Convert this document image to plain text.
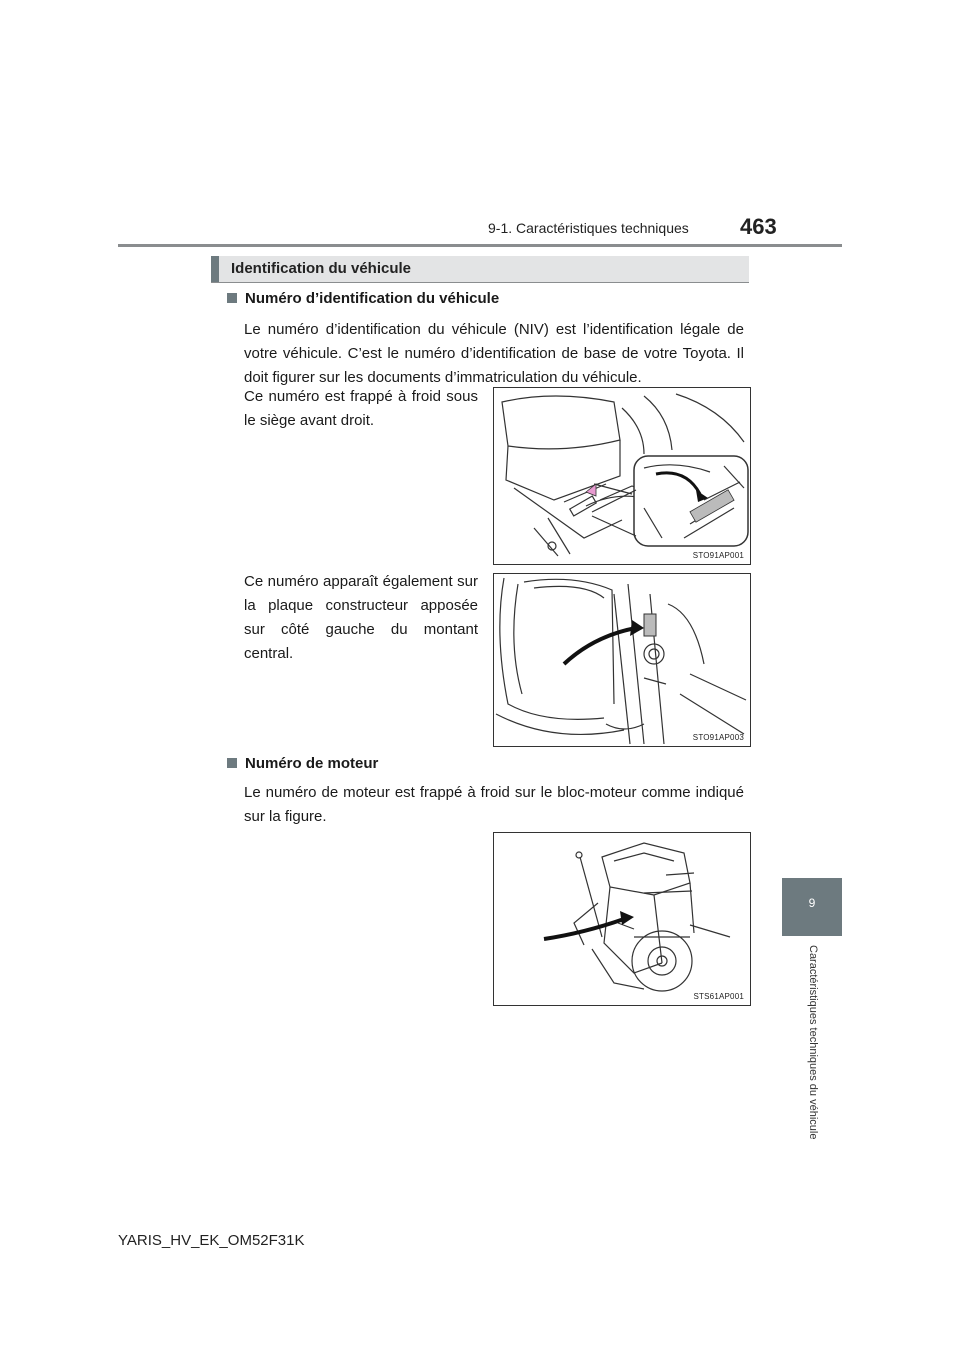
9-1. Caractéristiques techniques 463
Identification du véhicule
Numéro d’identification du véhicule
Le numéro d’identification du véhicule (NIV) est l’identification légale de votre véhicule. C’est le numéro d’identification de base de votre Toyota. Il doit figurer sur les documents d’immatriculation du véhicule.
Ce numéro est frappé à froid sous le siège avant droit.
STO91AP001
Ce numéro apparaît également sur la plaque constructeur apposée sur côté gauche du montant central.
STO91AP003
Numéro de moteur
Le numéro de moteur est frappé à froid sur le bloc-moteur comme indiqué sur la figure.
STS61AP001
9
Caractéristiques techniques du véhicule
YARIS_HV_EK_OM52F31K
